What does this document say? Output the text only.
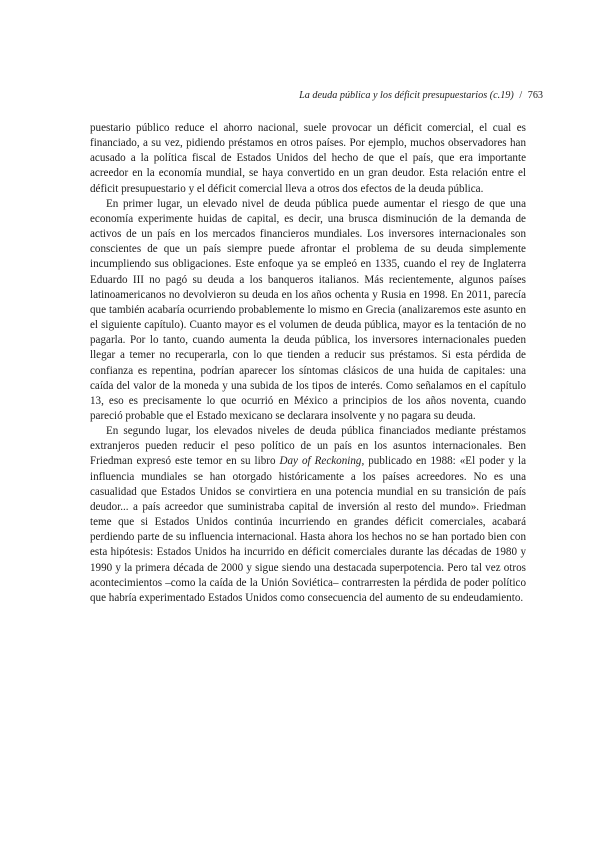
La deuda pública y los déficit presupuestarios (c.19) / 763

puestario público reduce el ahorro nacional, suele provocar un déficit comercial, el cual es financiado, a su vez, pidiendo préstamos en otros países. Por ejemplo, muchos observadores han acusado a la política fiscal de Estados Unidos del hecho de que el país, que era importante acreedor en la economía mundial, se haya convertido en un gran deudor. Esta relación entre el déficit presupuestario y el déficit comercial lleva a otros dos efectos de la deuda pública.

En primer lugar, un elevado nivel de deuda pública puede aumentar el riesgo de que una economía experimente huidas de capital, es decir, una brusca disminución de la demanda de activos de un país en los mercados financieros mundiales. Los inversores internacionales son conscientes de que un país siempre puede afrontar el problema de su deuda simplemente incumpliendo sus obligaciones. Este enfoque ya se empleó en 1335, cuando el rey de Inglaterra Eduardo III no pagó su deuda a los banqueros italianos. Más recientemente, algunos países latinoamericanos no devolvieron su deuda en los años ochenta y Rusia en 1998. En 2011, parecía que también acabaría ocurriendo probablemente lo mismo en Grecia (analizaremos este asunto en el siguiente capítulo). Cuanto mayor es el volumen de deuda pública, mayor es la tentación de no pagarla. Por lo tanto, cuando aumenta la deuda pública, los inversores internacionales pueden llegar a temer no recuperarla, con lo que tienden a reducir sus préstamos. Si esta pérdida de confianza es repentina, podrían aparecer los síntomas clásicos de una huida de capitales: una caída del valor de la moneda y una subida de los tipos de interés. Como señalamos en el capítulo 13, eso es precisamente lo que ocurrió en México a principios de los años noventa, cuando pareció probable que el Estado mexicano se declarara insolvente y no pagara su deuda.

En segundo lugar, los elevados niveles de deuda pública financiados mediante préstamos extranjeros pueden reducir el peso político de un país en los asuntos internacionales. Ben Friedman expresó este temor en su libro Day of Reckoning, publicado en 1988: «El poder y la influencia mundiales se han otorgado históricamente a los países acreedores. No es una casualidad que Estados Unidos se convirtiera en una potencia mundial en su transición de país deudor... a país acreedor que suministraba capital de inversión al resto del mundo». Friedman teme que si Estados Unidos continúa incurriendo en grandes déficit comerciales, acabará perdiendo parte de su influencia internacional. Hasta ahora los hechos no se han portado bien con esta hipótesis: Estados Unidos ha incurrido en déficit comerciales durante las décadas de 1980 y 1990 y la primera década de 2000 y sigue siendo una destacada superpotencia. Pero tal vez otros acontecimientos –como la caída de la Unión Soviética– contrarresten la pérdida de poder político que habría experimentado Estados Unidos como consecuencia del aumento de su endeudamiento.
